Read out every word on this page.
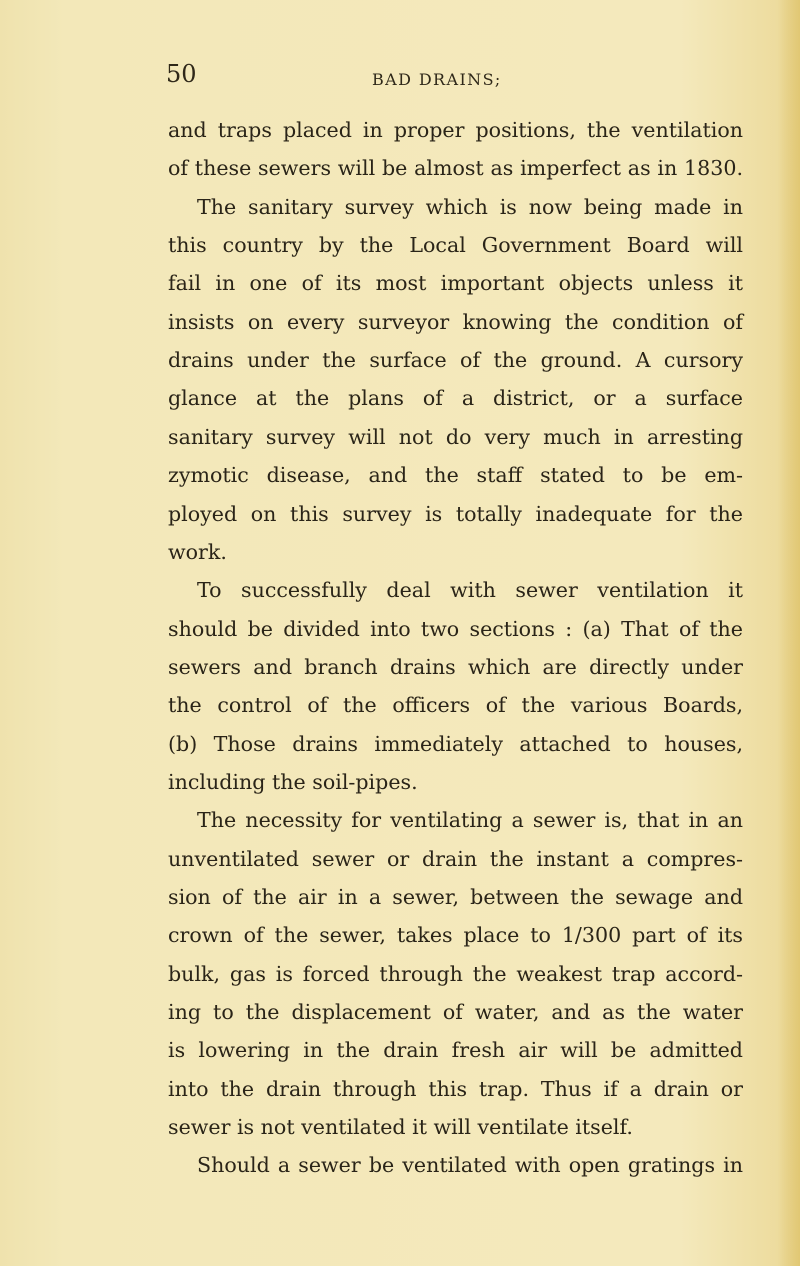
50	BAD DRAINS;
and traps placed in proper positions, the ventilation
of these sewers will be almost as imperfect as in 1830.
The sanitary survey which is now being made in
this country by the Local Government Board will
fail in one of its most important objects unless it
insists on every surveyor knowing the condition of
drains under the surface of the ground. A cursory
glance at the plans of a district, or a surface
sanitary survey will not do very much in arresting
zymotic disease, and the staff stated to be em-
ployed on this survey is totally inadequate for the
work.
To successfully deal with sewer ventilation it
should be divided into two sections : (a) That of the
sewers and branch drains which are directly under
the control of the officers of the various Boards,
(b) Those drains immediately attached to houses,
including the soil-pipes.
The necessity for ventilating a sewer is, that in an
unventilated sewer or drain the instant a compres-
sion of the air in a sewer, between the sewage and
crown of the sewer, takes place to 1/300 part of its
bulk, gas is forced through the weakest trap accord-
ing to the displacement of water, and as the water
is lowering in the drain fresh air will be admitted
into the drain through this trap. Thus if a drain or
sewer is not ventilated it will ventilate itself.
Should a sewer be ventilated with open gratings in
